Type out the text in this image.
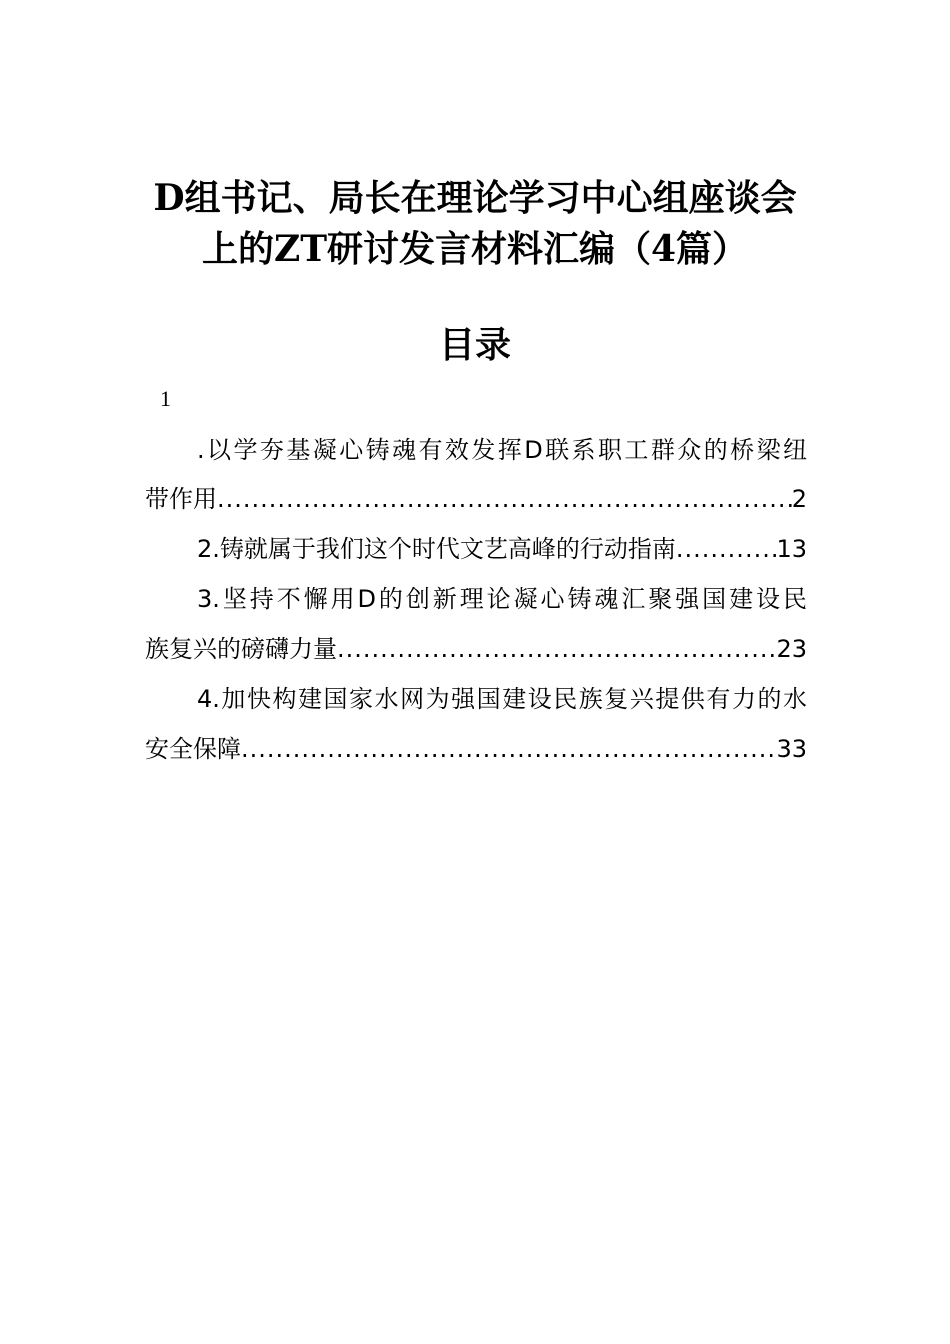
D组书记、局长在理论学习中心组座谈会
上的ZT研讨发言材料汇编（4篇）
目录
1
.以学夯基凝心铸魂有效发挥D联系职工群众的桥梁纽
带作用 .....	2
2.铸就属于我们这个时代文艺高峰的行动指南 .....	13
3.坚持不懈用D的创新理论凝心铸魂汇聚强国建设民
族复兴的磅礴力量 .....	23
4.加快构建国家水网为强国建设民族复兴提供有力的水
安全保障 .....	33
